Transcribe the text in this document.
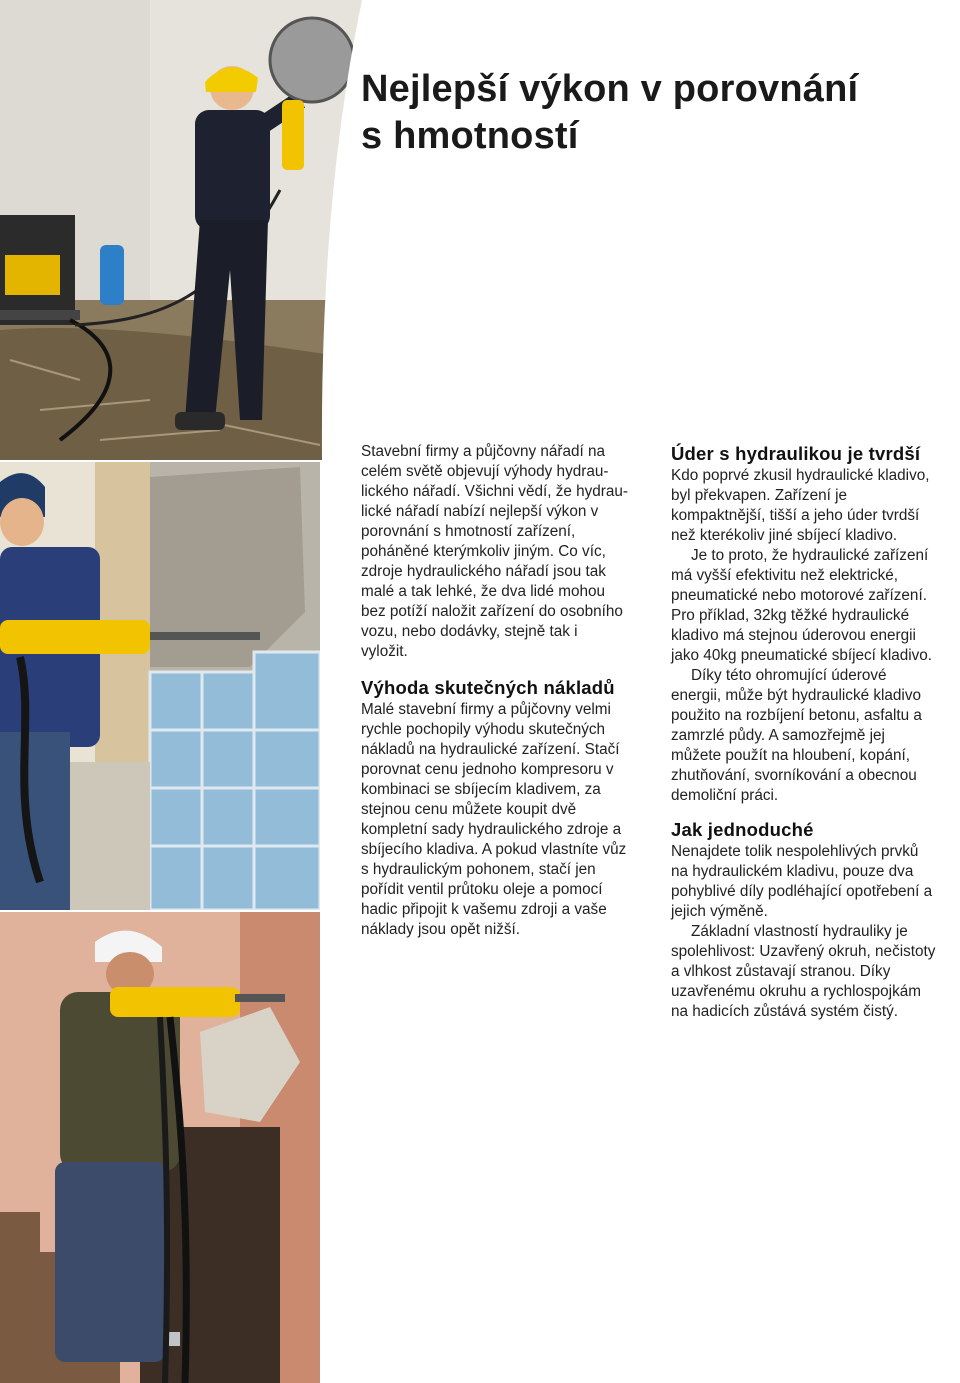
Nejlepší výkon v porovnání
s hmotností

Stavební firmy a půjčovny nářadí na

celém světě objevují výhody hydrau-

lického nářadí. Všichni vědí, že hydrau-

lické nářadí nabízí nejlepší výkon v

porovnání s hmotností zařízení,

poháněné kterýmkoliv jiným. Co víc,

zdroje hydraulického nářadí jsou tak

malé a tak lehké, že dva lidé mohou

bez potíží naložit zařízení do osobního

vozu, nebo dodávky, stejně tak i

vyložit.

Výhoda skutečných nákladů

Malé stavební firmy a půjčovny velmi

rychle pochopily výhodu skutečných

nákladů na hydraulické zařízení. Stačí

porovnat cenu jednoho kompresoru v

kombinaci se sbíjecím kladivem, za

stejnou cenu můžete koupit dvě

kompletní sady hydraulického zdroje a

sbíjecího kladiva. A pokud vlastníte vůz

s hydraulickým pohonem, stačí jen

pořídit ventil průtoku oleje a pomocí

hadic připojit k vašemu zdroji a vaše

náklady jsou opět nižší.

Úder s hydraulikou je tvrdší

Kdo poprvé zkusil hydraulické kladivo,

byl překvapen. Zařízení je

kompaktnější, tišší a jeho úder tvrdší

než kterékoliv jiné sbíjecí kladivo.

Je to proto, že hydraulické zařízení

má vyšší efektivitu než elektrické,

pneumatické nebo motorové zařízení.

Pro příklad, 32kg těžké hydraulické

kladivo má stejnou úderovou energii

jako 40kg pneumatické sbíjecí kladivo.

Díky této ohromující úderové

energii, může být hydraulické kladivo

použito na rozbíjení betonu, asfaltu a

zamrzlé půdy. A samozřejmě jej

můžete použít na hloubení, kopání,

zhutňování, svorníkování a obecnou

demoliční práci.

Jak jednoduché

Nenajdete tolik nespolehlivých prvků

na hydraulickém kladivu, pouze dva

pohyblivé díly podléhající opotřebení a

jejich výměně.

Základní vlastností hydrauliky je

spolehlivost: Uzavřený okruh, nečistoty

a vlhkost zůstavají stranou. Díky

uzavřenému okruhu a rychlospojkám

na hadicích zůstává systém čistý.
